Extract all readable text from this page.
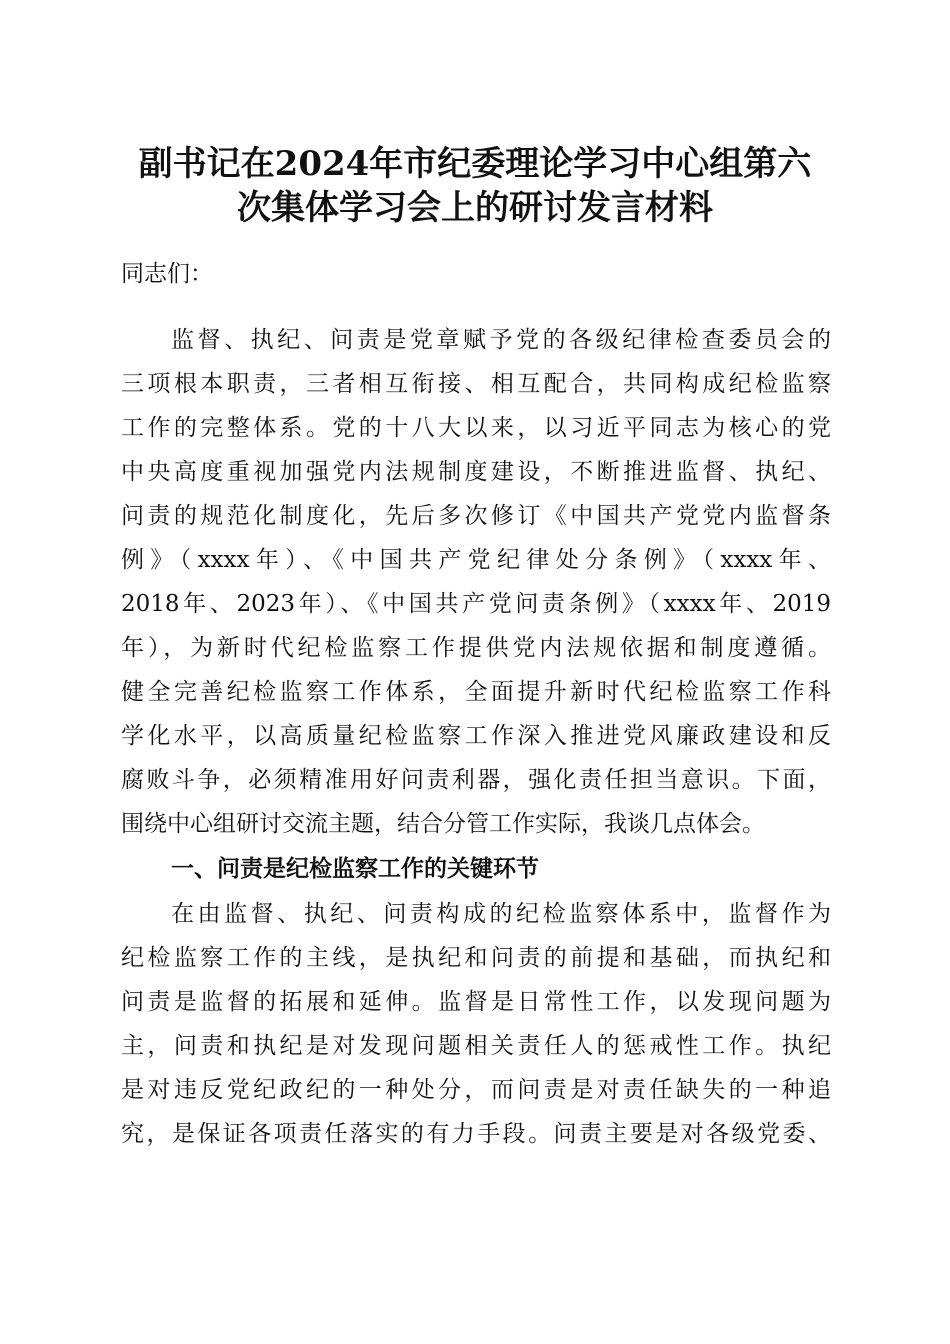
副书记在2024年市纪委理论学习中心组第六
次集体学习会上的研讨发言材料
同志们：
监督、执纪、问责是党章赋予党的各级纪律检查委员会的
三项根本职责，三者相互衔接、相互配合，共同构成纪检监察
工作的完整体系。党的十八大以来，以习近平同志为核心的党
中央高度重视加强党内法规制度建设，不断推进监督、执纪、
问责的规范化制度化，先后多次修订《中国共产党党内监督条
例》（xxxx年）、《中国共产党纪律处分条例》（xxxx年、
2018年、2023年）、《中国共产党问责条例》（xxxx年、2019
年），为新时代纪检监察工作提供党内法规依据和制度遵循。
健全完善纪检监察工作体系，全面提升新时代纪检监察工作科
学化水平，以高质量纪检监察工作深入推进党风廉政建设和反
腐败斗争，必须精准用好问责利器，强化责任担当意识。下面，
围绕中心组研讨交流主题，结合分管工作实际，我谈几点体会。
一、问责是纪检监察工作的关键环节
在由监督、执纪、问责构成的纪检监察体系中，监督作为
纪检监察工作的主线，是执纪和问责的前提和基础，而执纪和
问责是监督的拓展和延伸。监督是日常性工作，以发现问题为
主，问责和执纪是对发现问题相关责任人的惩戒性工作。执纪
是对违反党纪政纪的一种处分，而问责是对责任缺失的一种追
究，是保证各项责任落实的有力手段。问责主要是对各级党委、
